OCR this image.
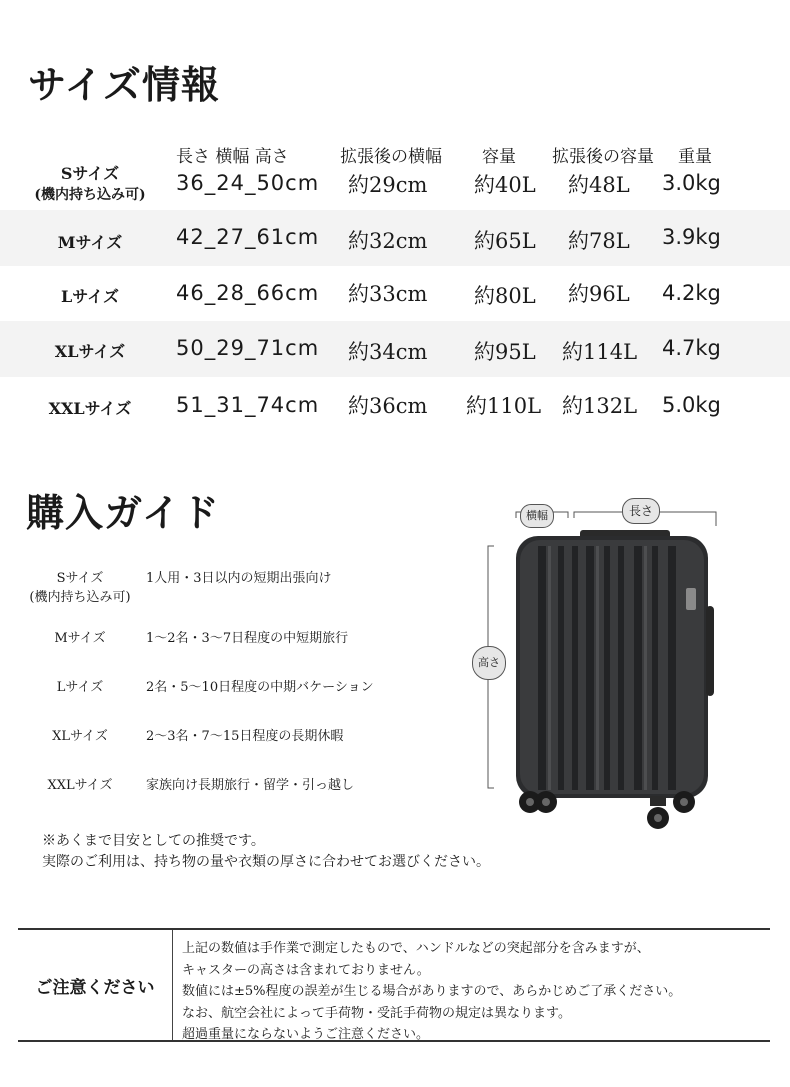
サイズ情報
長さ 横幅 高さ	拡張後の横幅 容量 拡張後の容量 重量
Sサイズ
(機内持ち込み可)	36_24_50cm 約29cm 約40L 約48L 3.0kg
Mサイズ	42_27_61cm 約32cm 約65L 約78L 3.9kg
Lサイズ	46_28_66cm 約33cm 約80L 約96L 4.2kg
XLサイズ	50_29_71cm 約34cm 約95L 約114L 4.7kg
XXLサイズ	51_31_74cm 約36cm 約110L 約132L 5.0kg
購入ガイド
Sサイズ
(機内持ち込み可)
1人用・3日以内の短期出張向け
Mサイズ	1〜2名・3〜7日程度の中短期旅行
Lサイズ	2名・5〜10日程度の中期バケーション
XLサイズ	2〜3名・7〜15日程度の長期休暇
XXLサイズ	家族向け長期旅行・留学・引っ越し
※あくまで目安としての推奨です。
実際のご利用は、持ち物の量や衣類の厚さに合わせてお選びください。
横幅	長さ
高さ
ご注意ください
上記の数値は手作業で測定したもので、ハンドルなどの突起部分を含みますが、
キャスターの高さは含まれておりません。
数値には±5%程度の誤差が生じる場合がありますので、あらかじめご了承ください。
なお、航空会社によって手荷物・受託手荷物の規定は異なります。
超過重量にならないようご注意ください。
